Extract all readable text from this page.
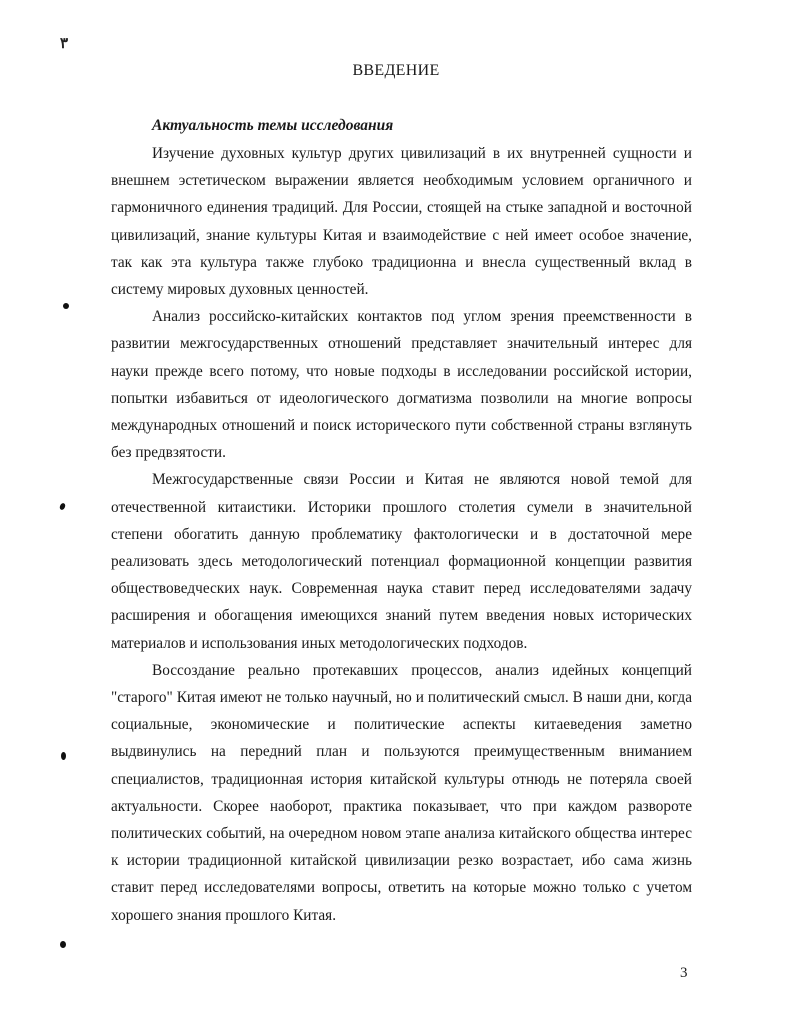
۳
ВВЕДЕНИЕ
Актуальность темы исследования

Изучение духовных культур других цивилизаций в их внутренней сущности и внешнем эстетическом выражении является необходимым условием органичного и гармоничного единения традиций. Для России, стоящей на стыке западной и восточной цивилизаций, знание культуры Китая и взаимодействие с ней имеет особое значение, так как эта культура также глубоко традиционна и внесла существенный вклад в систему мировых духовных ценностей.

Анализ российско-китайских контактов под углом зрения преемственности в развитии межгосударственных отношений представляет значительный интерес для науки прежде всего потому, что новые подходы в исследовании российской истории, попытки избавиться от идеологического догматизма позволили на многие вопросы международных отношений и поиск исторического пути собственной страны взглянуть без предвзятости.

Межгосударственные связи России и Китая не являются новой темой для отечественной китаистики. Историки прошлого столетия сумели в значительной степени обогатить данную проблематику фактологически и в достаточной мере реализовать здесь методологический потенциал формационной концепции развития обществоведческих наук. Современная наука ставит перед исследователями задачу расширения и обогащения имеющихся знаний путем введения новых исторических материалов и использования иных методологических подходов.

Воссоздание реально протекавших процессов, анализ идейных концепций "старого" Китая имеют не только научный, но и политический смысл. В наши дни, когда социальные, экономические и политические аспекты китаеведения заметно выдвинулись на передний план и пользуются преимущественным вниманием специалистов, традиционная история китайской культуры отнюдь не потеряла своей актуальности. Скорее наоборот, практика показывает, что при каждом развороте политических событий, на очередном новом этапе анализа китайского общества интерес к истории традиционной китайской цивилизации резко возрастает, ибо сама жизнь ставит перед исследователями вопросы, ответить на которые можно только с учетом хорошего знания прошлого Китая.

3
